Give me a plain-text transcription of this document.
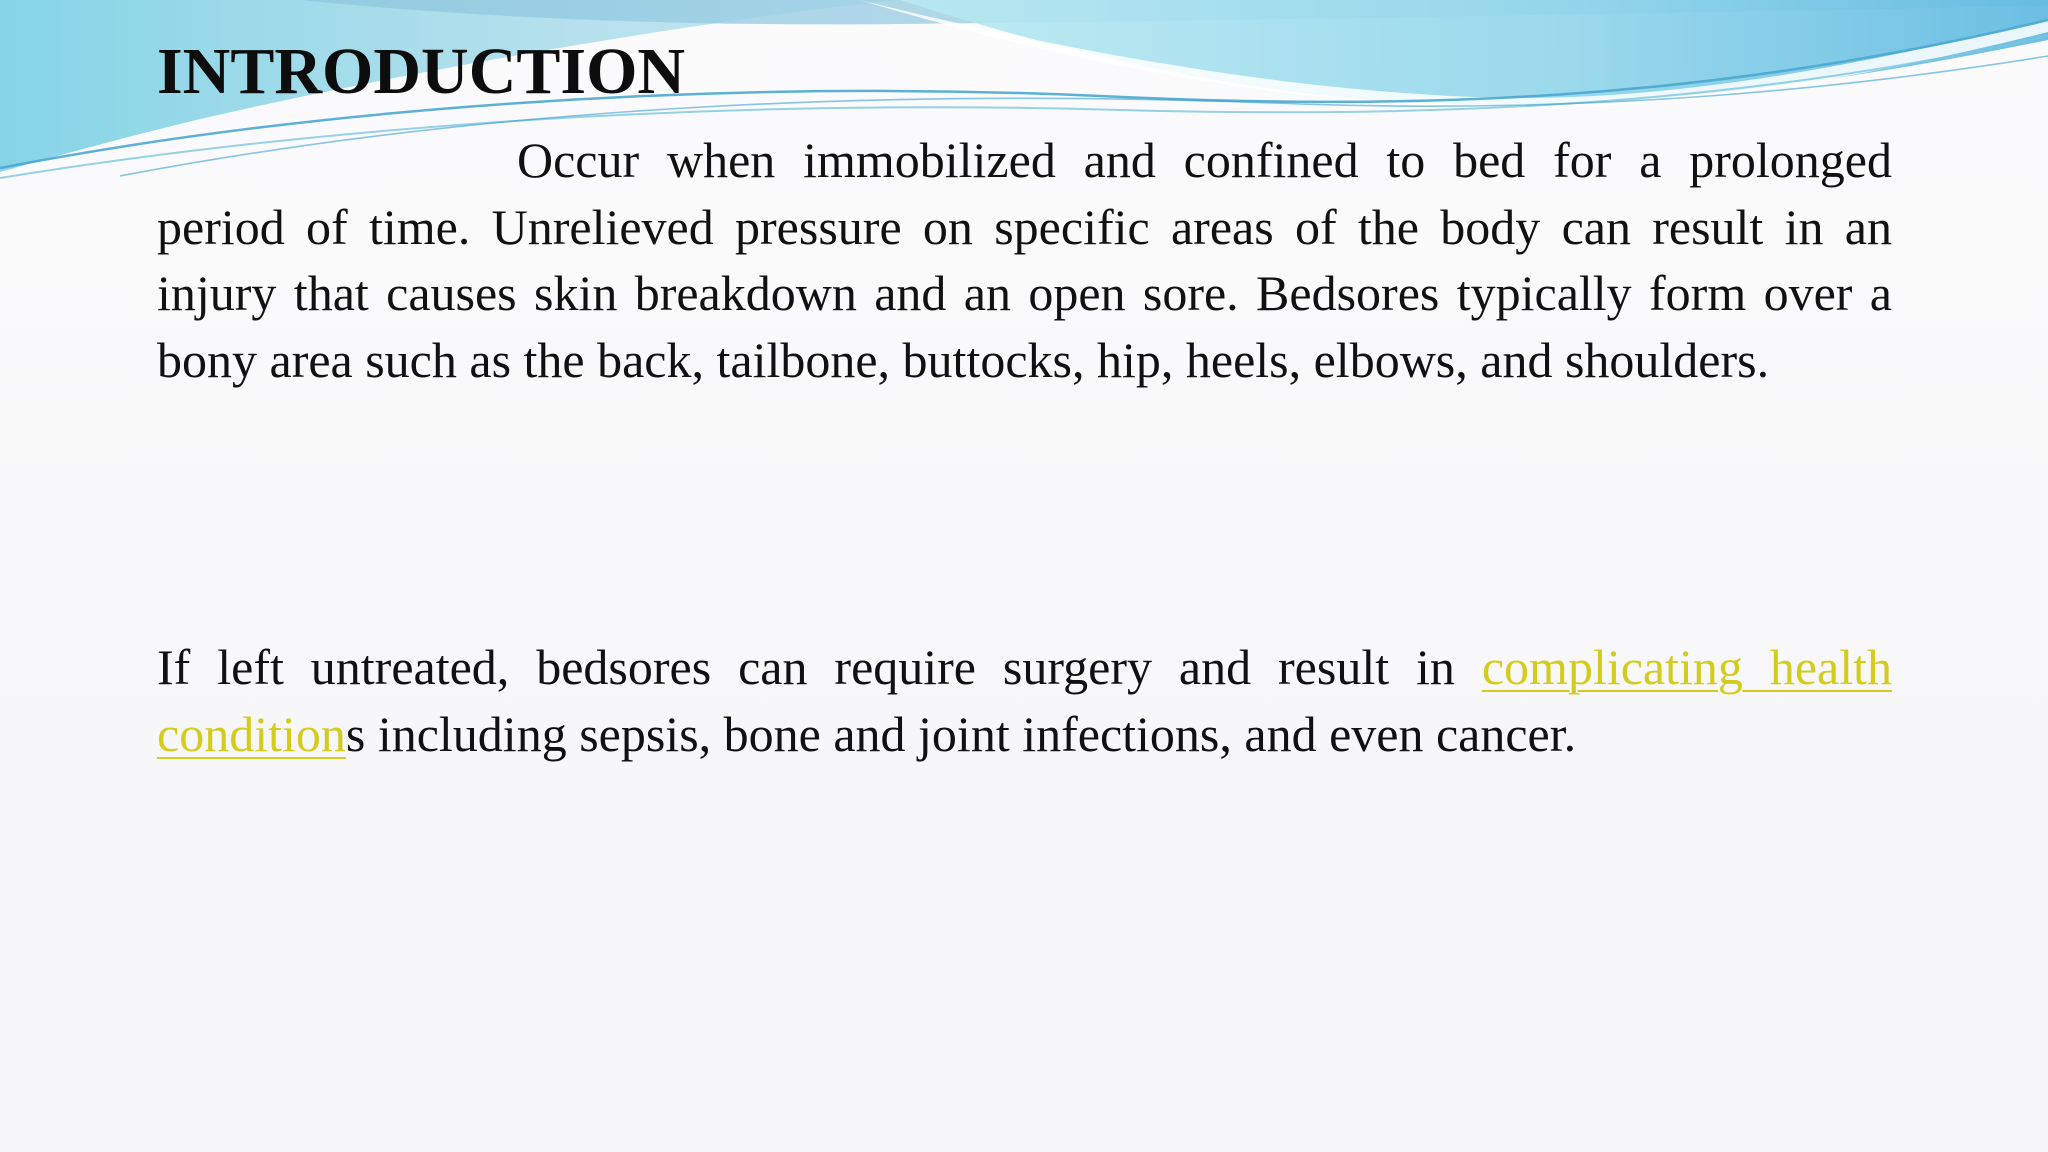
INTRODUCTION

Occur when immobilized and confined to bed for a prolonged period of time. Unrelieved pressure on specific areas of the body can result in an injury that causes skin breakdown and an open sore. Bedsores typically form over a bony area such as the back, tailbone, buttocks, hip, heels, elbows, and shoulders.

If left untreated, bedsores can require surgery and result in complicating health conditions including sepsis, bone and joint infections, and even cancer.
